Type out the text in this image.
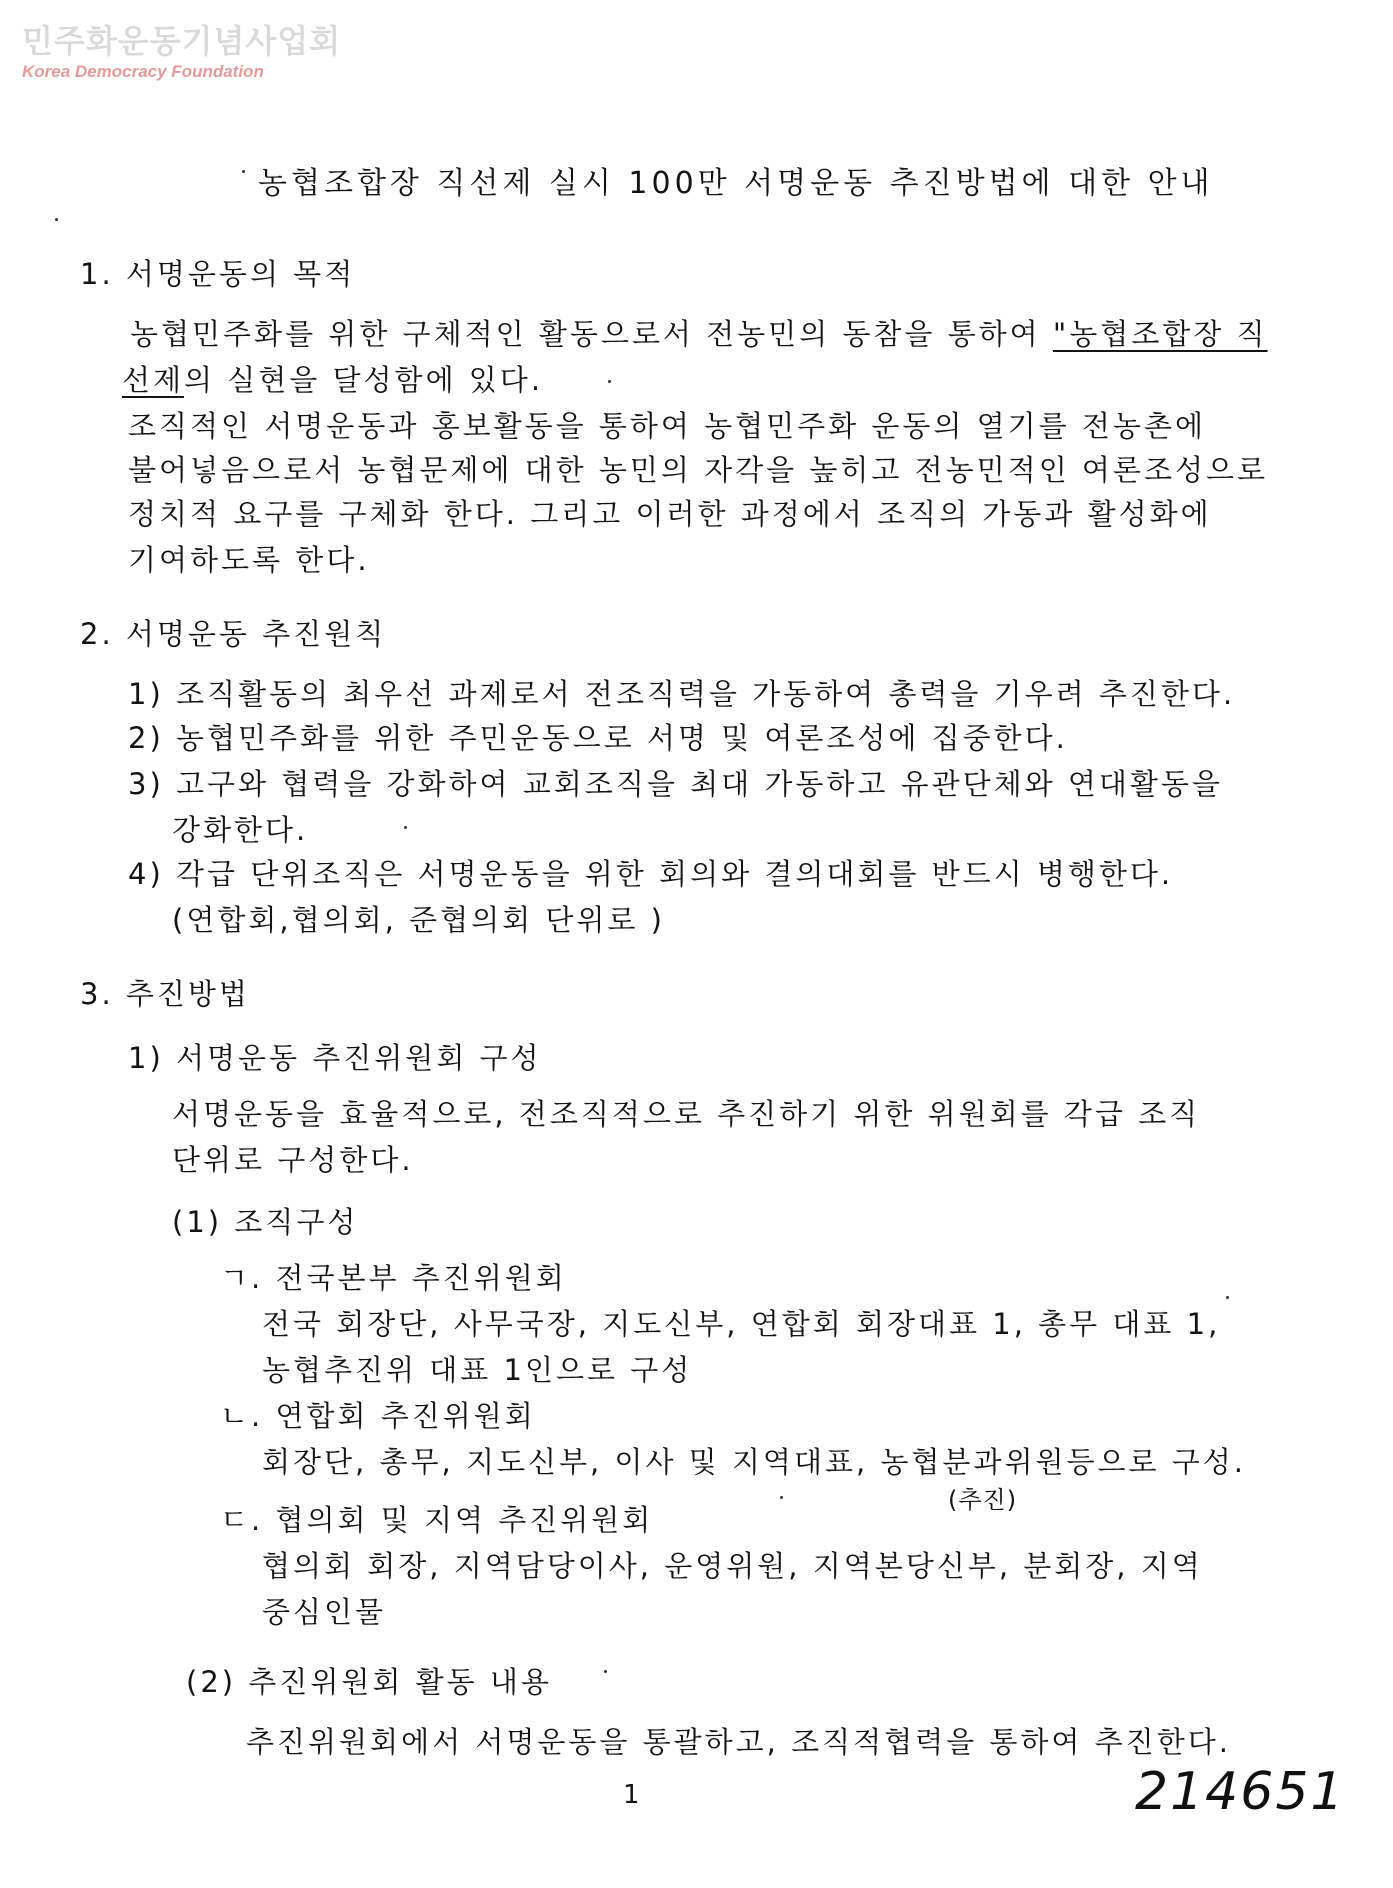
민주화운동기념사업회
Korea Democracy Foundation
농협조합장 직선제 실시 100만 서명운동 추진방법에 대한 안내
1. 서명운동의 목적
농협민주화를 위한 구체적인 활동으로서 전농민의 동참을 통하여 "농협조합장 직
선제의 실현을 달성함에 있다.
조직적인 서명운동과 홍보활동을 통하여 농협민주화 운동의 열기를 전농촌에
불어넣음으로서 농협문제에 대한 농민의 자각을 높히고 전농민적인 여론조성으로
정치적 요구를 구체화 한다. 그리고 이러한 과정에서 조직의 가동과 활성화에
기여하도록 한다.
2. 서명운동 추진원칙
1) 조직활동의 최우선 과제로서 전조직력을 가동하여 총력을 기우려 추진한다.
2) 농협민주화를 위한 주민운동으로 서명 및 여론조성에 집중한다.
3) 고구와 협력을 강화하여 교회조직을 최대 가동하고 유관단체와 연대활동을
강화한다.
4) 각급 단위조직은 서명운동을 위한 회의와 결의대회를 반드시 병행한다.
(연합회,협의회, 준협의회 단위로 )
3. 추진방법
1) 서명운동 추진위원회 구성
서명운동을 효율적으로, 전조직적으로 추진하기 위한 위원회를 각급 조직
단위로 구성한다.
(1) 조직구성
ㄱ. 전국본부 추진위원회
전국 회장단, 사무국장, 지도신부, 연합회 회장대표 1, 총무 대표 1,
농협추진위 대표 1인으로 구성
ㄴ. 연합회 추진위원회
회장단, 총무, 지도신부, 이사 및 지역대표, 농협분과위원등으로 구성.
(추진)
ㄷ. 협의회 및 지역 추진위원회
협의회 회장, 지역담당이사, 운영위원, 지역본당신부, 분회장, 지역
중심인물
(2) 추진위원회 활동 내용
추진위원회에서 서명운동을 통괄하고, 조직적협력을 통하여 추진한다.
1	214651
